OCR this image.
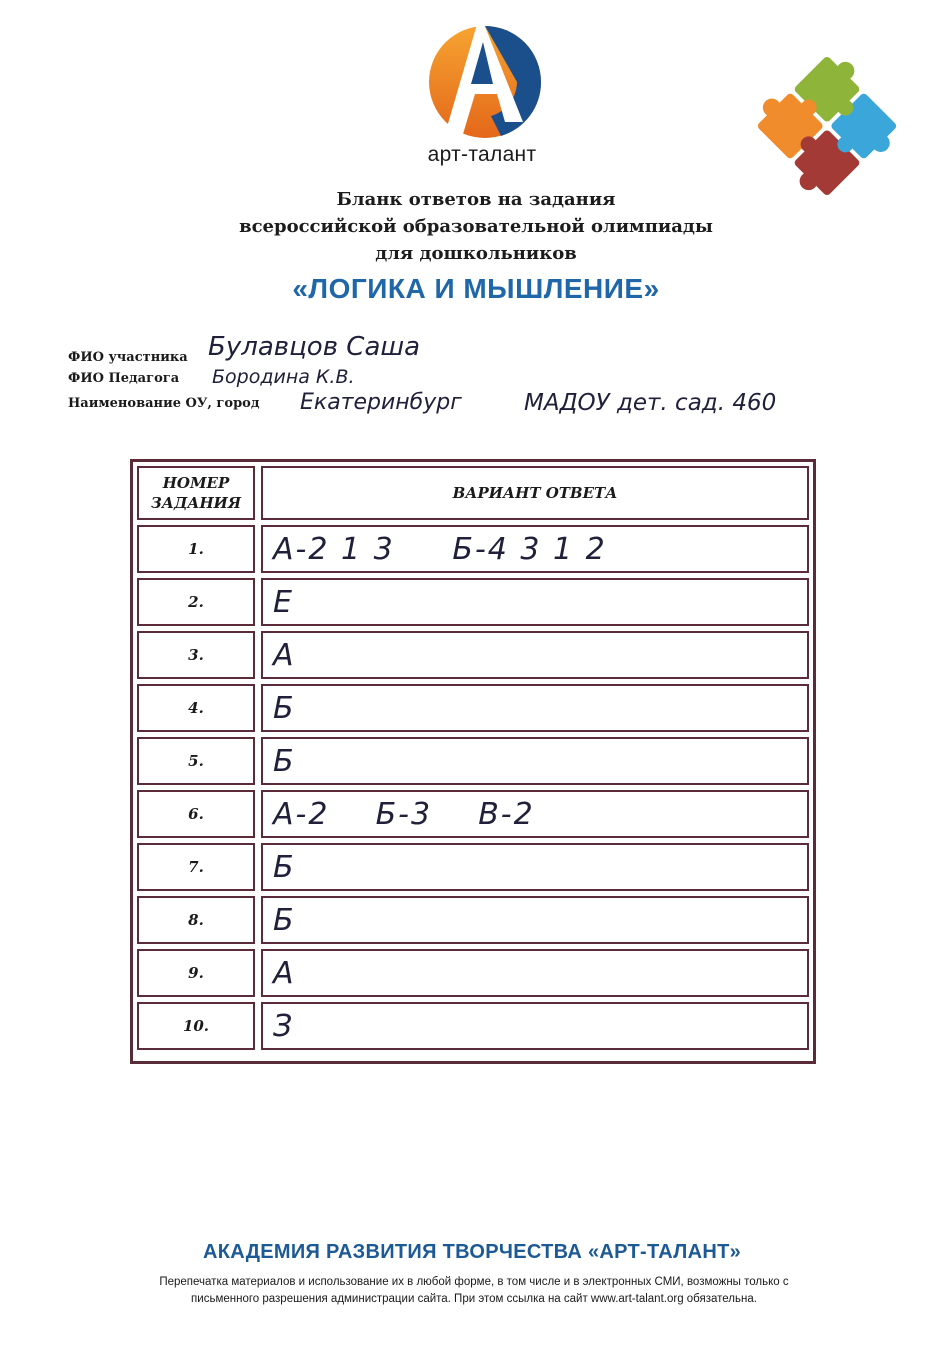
арт-талант
Бланк ответов на задания
всероссийской образовательной олимпиады
для дошкольников
«ЛОГИКА И МЫШЛЕНИЕ»
ФИО участника Булавцов Саша
ФИО Педагога Бородина К.В.
Наименование ОУ, город Екатеринбург	МАДОУ дет. сад. 460
НОМЕР
ЗАДАНИЯ
ВАРИАНТ ОТВЕТА
1.	А-2 1 3     Б-4 3 1 2
2.	Е
3.	А
4.	Б
5.	Б
6.	А-2    Б-3    В-2
7.	Б
8.	Б
9.	А
10.	З
АКАДЕМИЯ РАЗВИТИЯ ТВОРЧЕСТВА «АРТ-ТАЛАНТ»
Перепечатка материалов и использование их в любой форме, в том числе и в электронных СМИ, возможны только с
письменного разрешения администрации сайта. При этом ссылка на сайт www.art-talant.org обязательна.
